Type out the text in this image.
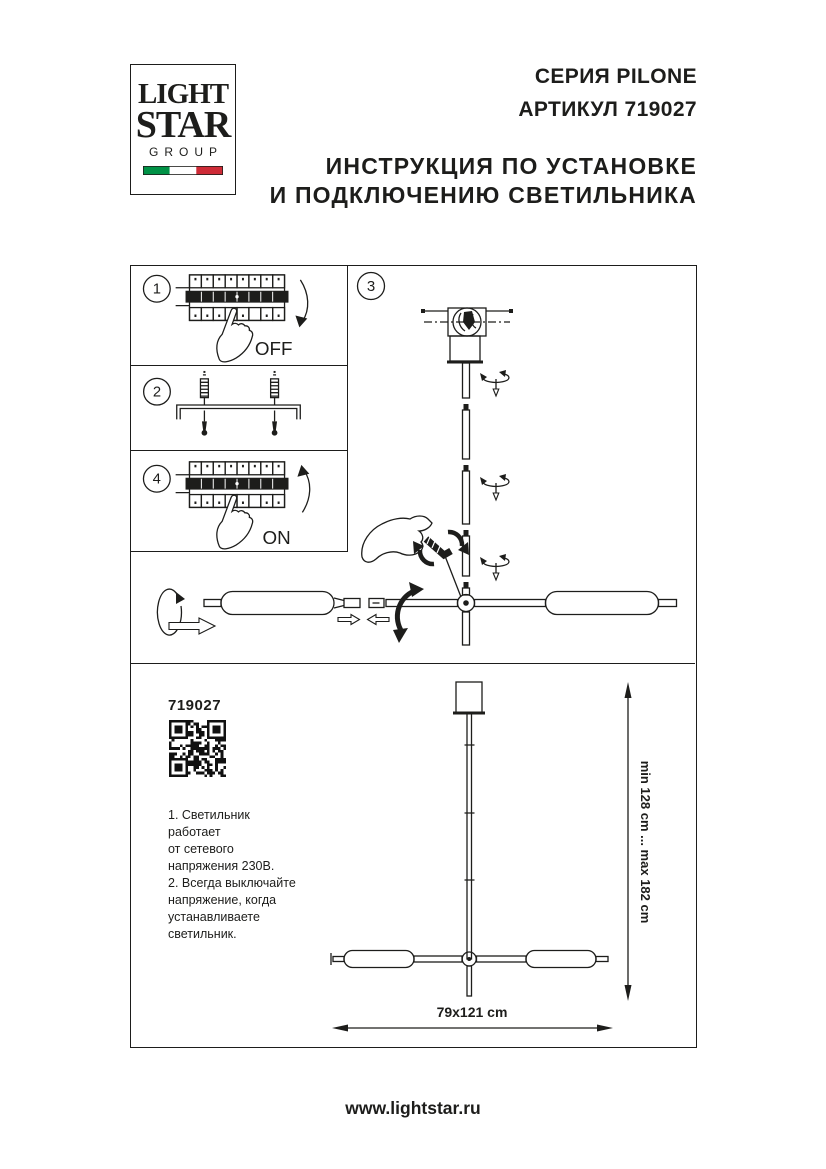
LIGHT
STAR
GROUP
СЕРИЯ PILONE
АРТИКУЛ 719027
ИНСТРУКЦИЯ ПО УСТАНОВКЕ
И ПОДКЛЮЧЕНИЮ СВЕТИЛЬНИКА
3
1
OFF
2
4
ON
min 128 cm ... max 182 cm
79x121 cm
719027
1. Светильник
работает
от сетевого
напряжения 230В.
2. Всегда выключайте
напряжение, когда
устанавливаете
светильник.
www.lightstar.ru
